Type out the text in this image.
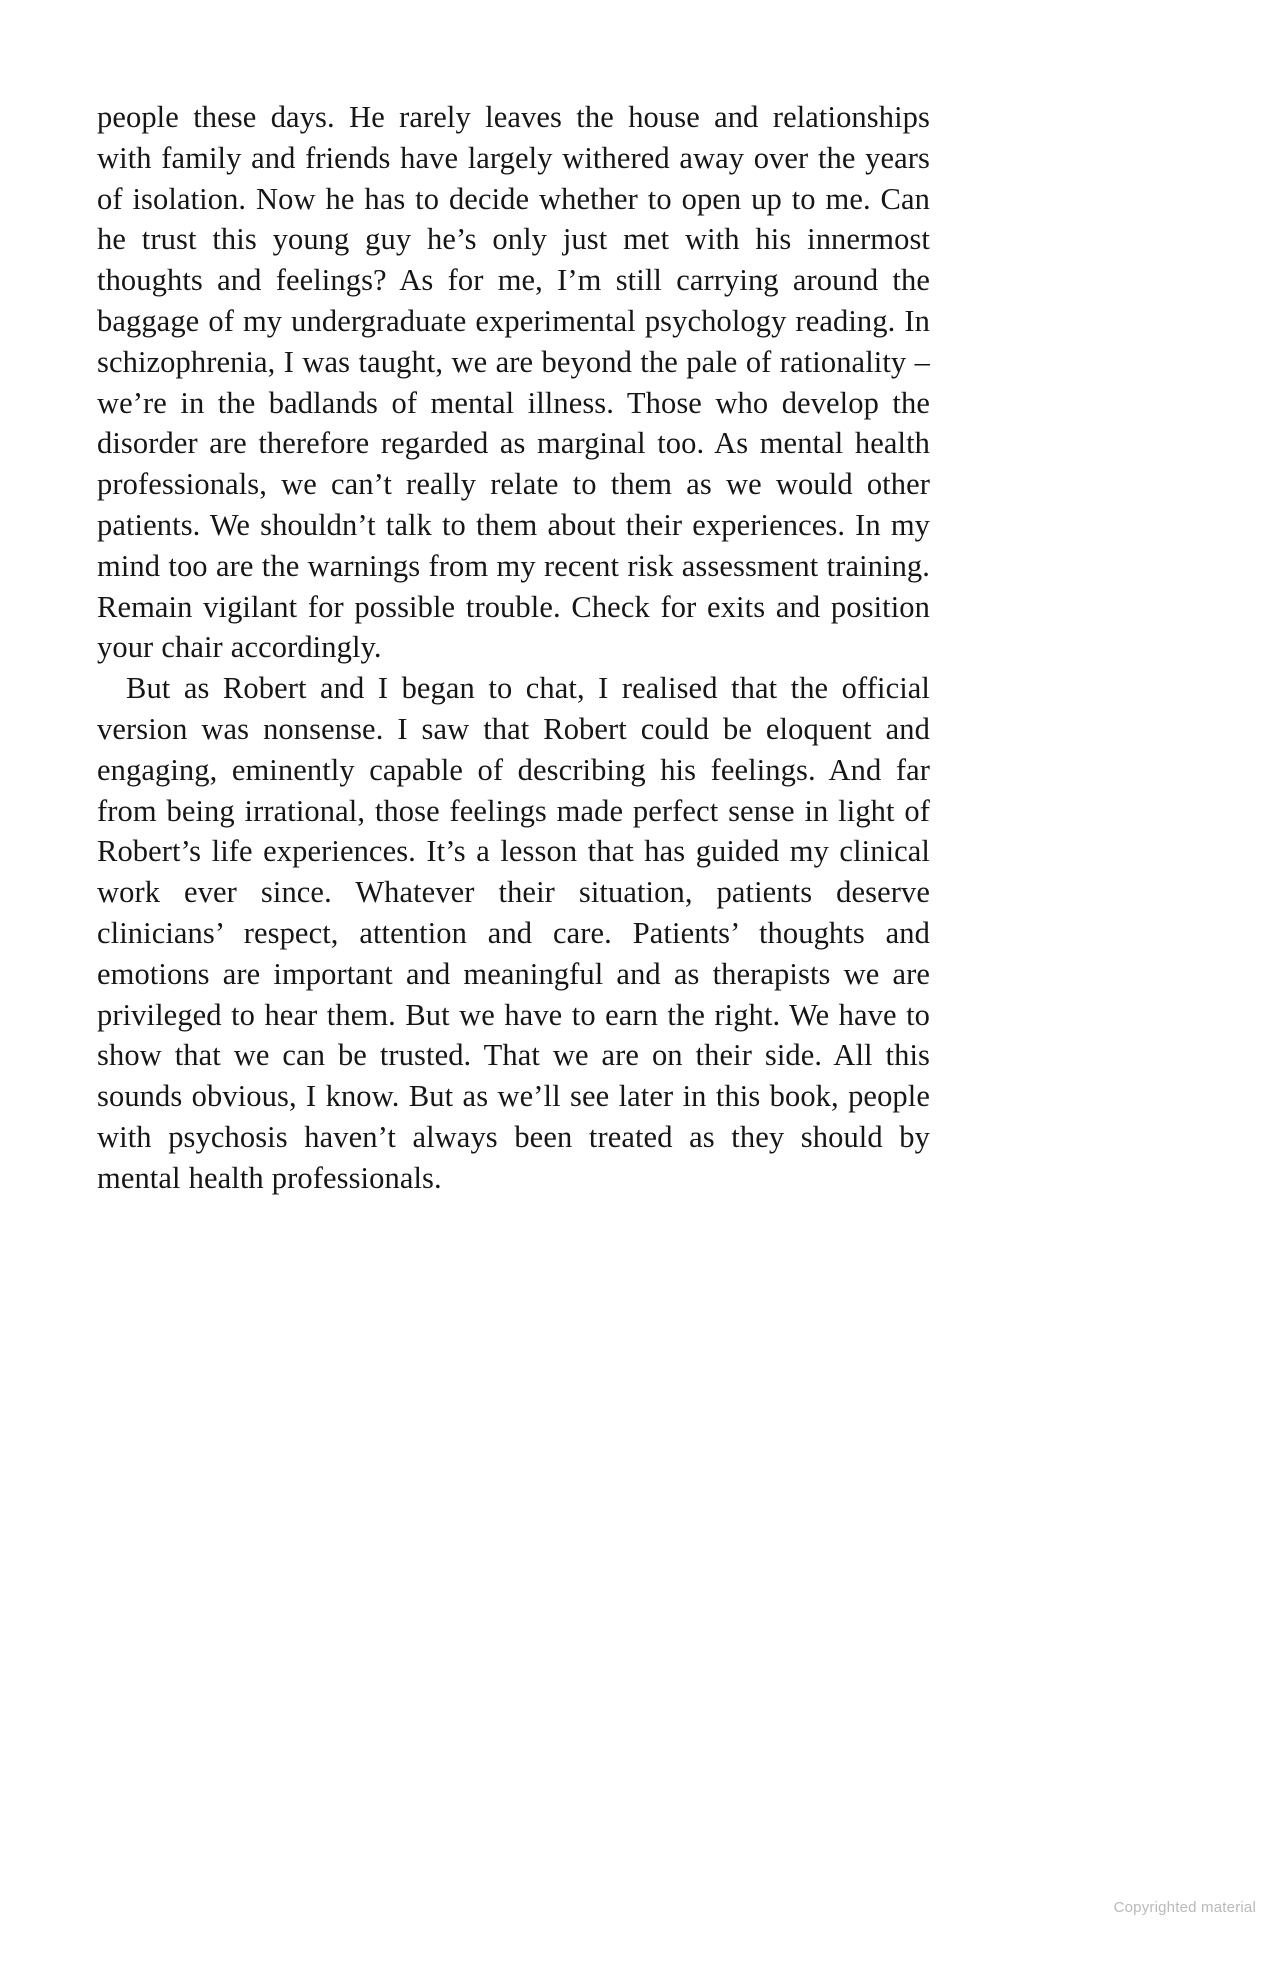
people these days. He rarely leaves the house and relationships with family and friends have largely withered away over the years of isolation. Now he has to decide whether to open up to me. Can he trust this young guy he’s only just met with his innermost thoughts and feelings? As for me, I’m still carrying around the baggage of my undergraduate experimental psychology reading. In schizophrenia, I was taught, we are beyond the pale of rationality – we’re in the badlands of mental illness. Those who develop the disorder are therefore regarded as marginal too. As mental health professionals, we can’t really relate to them as we would other patients. We shouldn’t talk to them about their experiences. In my mind too are the warnings from my recent risk assessment training. Remain vigilant for possible trouble. Check for exits and position your chair accordingly.

But as Robert and I began to chat, I realised that the official version was nonsense. I saw that Robert could be eloquent and engaging, eminently capable of describing his feelings. And far from being irrational, those feelings made perfect sense in light of Robert’s life experiences. It’s a lesson that has guided my clinical work ever since. Whatever their situation, patients deserve clinicians’ respect, attention and care. Patients’ thoughts and emotions are important and meaningful and as therapists we are privileged to hear them. But we have to earn the right. We have to show that we can be trusted. That we are on their side. All this sounds obvious, I know. But as we’ll see later in this book, people with psychosis haven’t always been treated as they should by mental health professionals.

Copyrighted material
